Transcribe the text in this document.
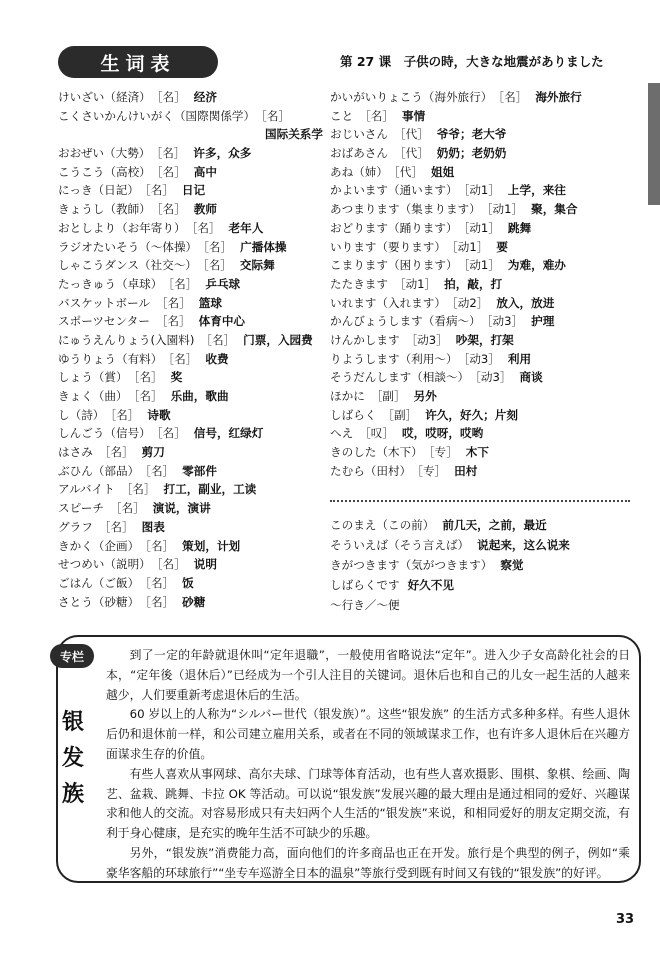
生词表	第 27 课　子供の時，大きな地震がありました
けいざい（経済） ［名］ 经济
こくさいかんけいがく（国際関係学） ［名］
国际关系学
おおぜい（大勢） ［名］ 许多，众多
こうこう（高校） ［名］ 高中
にっき（日記） ［名］ 日记
きょうし（教師） ［名］ 教师
おとしより（お年寄り） ［名］ 老年人
ラジオたいそう（～体操） ［名］ 广播体操
しゃこうダンス（社交～） ［名］ 交际舞
たっきゅう（卓球） ［名］ 乒乓球
バスケットボール ［名］ 篮球
スポーツセンター ［名］ 体育中心
にゅうえんりょう(入園料) ［名］ 门票，入园费
ゆうりょう（有料） ［名］ 收费
しょう（賞） ［名］ 奖
きょく（曲） ［名］ 乐曲，歌曲
し（詩） ［名］ 诗歌
しんごう（信号） ［名］ 信号，红绿灯
はさみ ［名］ 剪刀
ぶひん（部品） ［名］ 零部件
アルバイト ［名］ 打工，副业，工读
スピーチ ［名］ 演说，演讲
グラフ ［名］ 图表
きかく（企画） ［名］ 策划，计划
せつめい（説明） ［名］ 说明
ごはん（ご飯） ［名］ 饭
さとう（砂糖） ［名］ 砂糖
かいがいりょこう（海外旅行） ［名］ 海外旅行
こと ［名］ 事情
おじいさん ［代］ 爷爷；老大爷
おばあさん ［代］ 奶奶；老奶奶
あね（姉） ［代］ 姐姐
かよいます（通います） ［动1］ 上学，来往
あつまります（集まります） ［动1］ 聚，集合
おどります（踊ります） ［动1］ 跳舞
いります（要ります） ［动1］ 要
こまります（困ります） ［动1］ 为难，难办
たたきます ［动1］ 拍，敲，打
いれます（入れます） ［动2］ 放入，放进
かんびょうします（看病～） ［动3］ 护理
けんかします ［动3］ 吵架，打架
りようします（利用～） ［动3］ 利用
そうだんします（相談～） ［动3］ 商谈
ほかに ［副］ 另外
しばらく ［副］ 许久，好久；片刻
へえ ［叹］ 哎，哎呀，哎哟
きのした（木下） ［专］ 木下
たむら（田村） ［专］ 田村
このまえ（この前） 前几天，之前，最近
そういえば（そう言えば） 说起来，这么说来
きがつきます（気がつきます） 察觉
しばらくです 好久不见
～行き／～便
专栏
银
发
族

到了一定的年龄就退休叫“定年退職”，一般使用省略说法“定年”。进入少子女高龄化社会的日本，“定年後（退休后）”已经成为一个引人注目的关键词。退休后也和自己的儿女一起生活的人越来越少，人们要重新考虑退休后的生活。

60 岁以上的人称为“シルバー世代（银发族）”。这些“银发族” 的生活方式多种多样。有些人退休后仍和退休前一样，和公司建立雇用关系，或者在不同的领域谋求工作，也有许多人退休后在兴趣方面谋求生存的价值。

有些人喜欢从事网球、高尔夫球、门球等体育活动，也有些人喜欢摄影、围棋、象棋、绘画、陶艺、盆栽、跳舞、卡拉 OK 等活动。可以说“银发族”发展兴趣的最大理由是通过相同的爱好、兴趣谋求和他人的交流。对容易形成只有夫妇两个人生活的“银发族”来说，和相同爱好的朋友定期交流，有利于身心健康，是充实的晚年生活不可缺少的乐趣。

另外，“银发族”消费能力高，面向他们的许多商品也正在开发。旅行是个典型的例子，例如“乘豪华客船的环球旅行”“坐专车巡游全日本的温泉”等旅行受到既有时间又有钱的“银发族”的好评。

33
